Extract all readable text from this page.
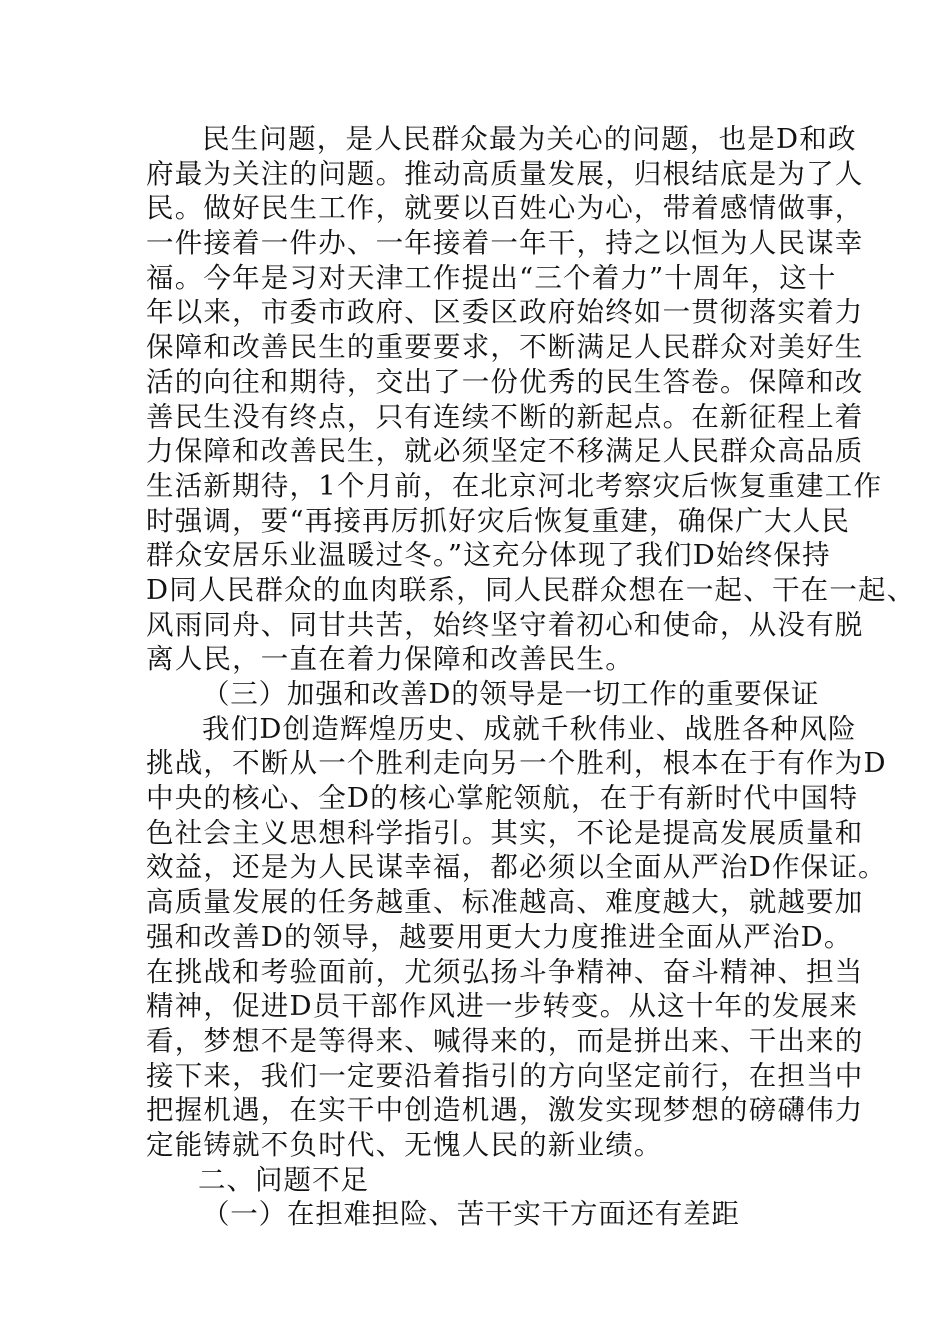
民生问题，是人民群众最为关心的问题，也是D和政
府最为关注的问题。推动高质量发展，归根结底是为了人
民。做好民生工作，就要以百姓心为心，带着感情做事，
一件接着一件办、一年接着一年干，持之以恒为人民谋幸
福。今年是习对天津工作提出“三个着力”十周年，这十
年以来，市委市政府、区委区政府始终如一贯彻落实着力
保障和改善民生的重要要求，不断满足人民群众对美好生
活的向往和期待，交出了一份优秀的民生答卷。保障和改
善民生没有终点，只有连续不断的新起点。在新征程上着
力保障和改善民生，就必须坚定不移满足人民群众高品质
生活新期待，1个月前，在北京河北考察灾后恢复重建工作
时强调，要“再接再厉抓好灾后恢复重建，确保广大人民
群众安居乐业温暖过冬。”这充分体现了我们D始终保持
D同人民群众的血肉联系，同人民群众想在一起、干在一起、
风雨同舟、同甘共苦，始终坚守着初心和使命，从没有脱
离人民，一直在着力保障和改善民生。
（三）加强和改善D的领导是一切工作的重要保证
我们D创造辉煌历史、成就千秋伟业、战胜各种风险
挑战，不断从一个胜利走向另一个胜利，根本在于有作为D
中央的核心、全D的核心掌舵领航，在于有新时代中国特
色社会主义思想科学指引。其实，不论是提高发展质量和
效益，还是为人民谋幸福，都必须以全面从严治D作保证。
高质量发展的任务越重、标准越高、难度越大，就越要加
强和改善D的领导，越要用更大力度推进全面从严治D。
在挑战和考验面前，尤须弘扬斗争精神、奋斗精神、担当
精神，促进D员干部作风进一步转变。从这十年的发展来
看，梦想不是等得来、喊得来的，而是拼出来、干出来的
接下来，我们一定要沿着指引的方向坚定前行，在担当中
把握机遇，在实干中创造机遇，激发实现梦想的磅礴伟力
定能铸就不负时代、无愧人民的新业绩。
二、问题不足
（一）在担难担险、苦干实干方面还有差距
